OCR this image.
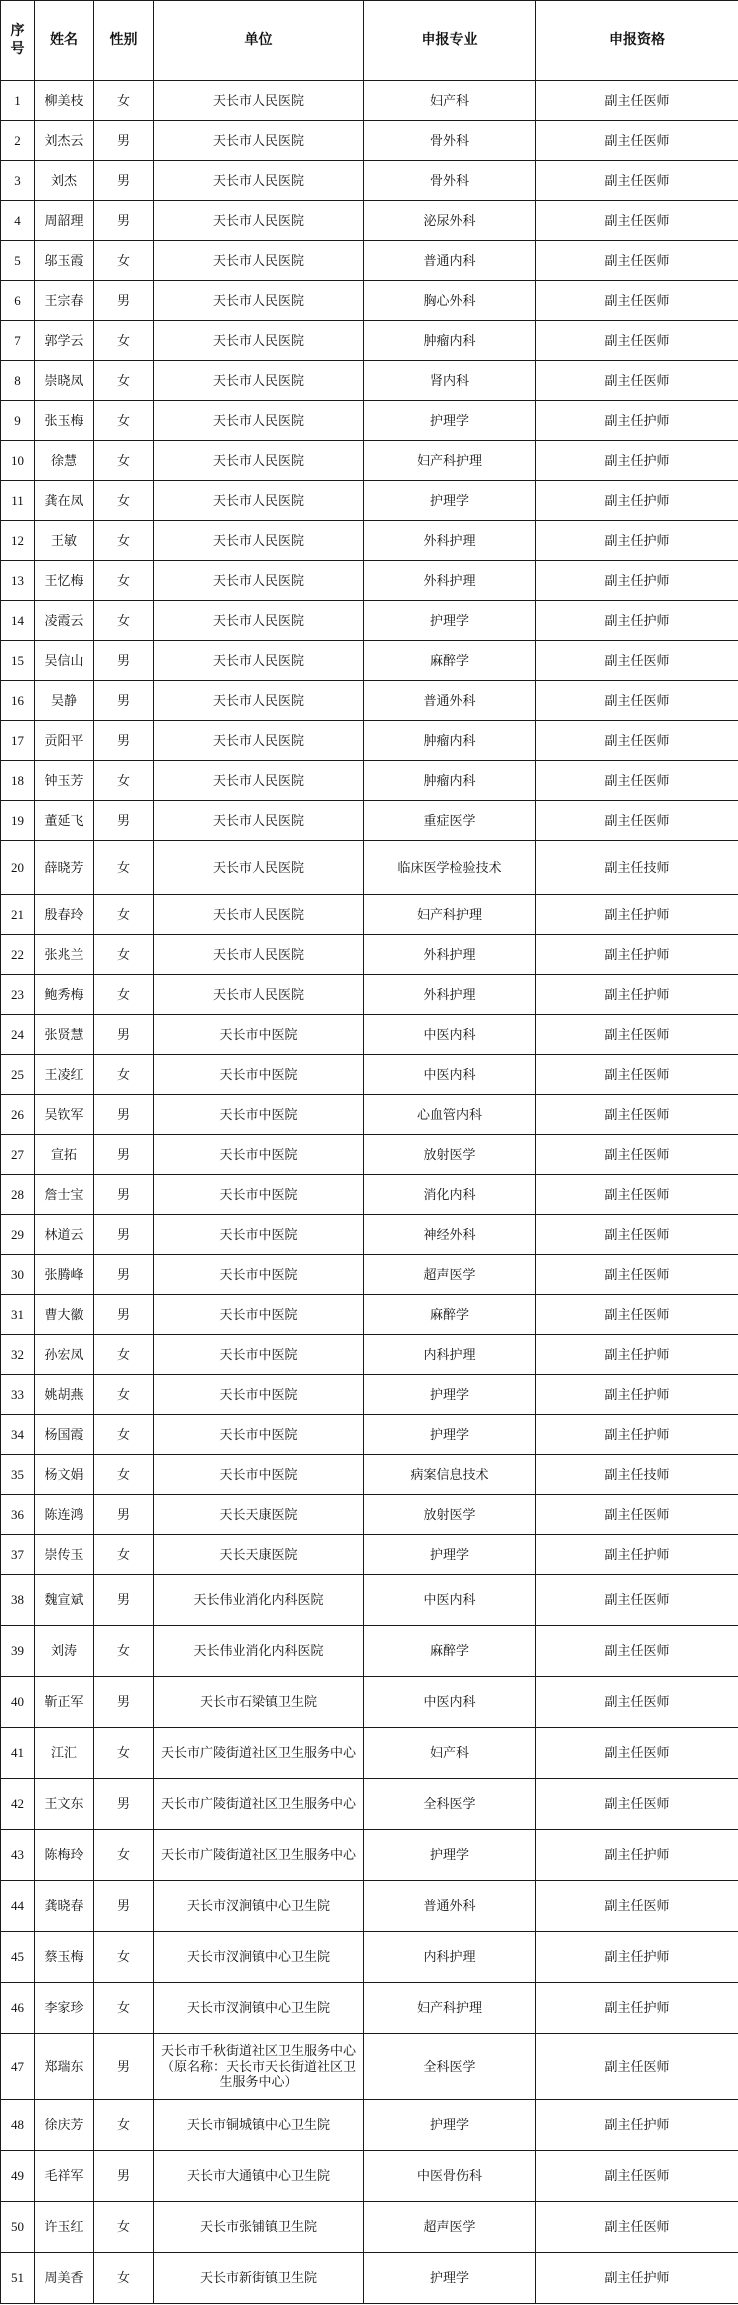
序号	姓名	性别	单位	申报专业	申报资格
1	柳美枝	女	天长市人民医院	妇产科	副主任医师
2	刘杰云	男	天长市人民医院	骨外科	副主任医师
3	刘杰	男	天长市人民医院	骨外科	副主任医师
4	周韶理	男	天长市人民医院	泌尿外科	副主任医师
5	邬玉霞	女	天长市人民医院	普通内科	副主任医师
6	王宗春	男	天长市人民医院	胸心外科	副主任医师
7	郭学云	女	天长市人民医院	肿瘤内科	副主任医师
8	崇晓凤	女	天长市人民医院	肾内科	副主任医师
9	张玉梅	女	天长市人民医院	护理学	副主任护师
10	徐慧	女	天长市人民医院	妇产科护理	副主任护师
11	龚在凤	女	天长市人民医院	护理学	副主任护师
12	王敏	女	天长市人民医院	外科护理	副主任护师
13	王忆梅	女	天长市人民医院	外科护理	副主任护师
14	凌霞云	女	天长市人民医院	护理学	副主任护师
15	吴信山	男	天长市人民医院	麻醉学	副主任医师
16	吴静	男	天长市人民医院	普通外科	副主任医师
17	贡阳平	男	天长市人民医院	肿瘤内科	副主任医师
18	钟玉芳	女	天长市人民医院	肿瘤内科	副主任医师
19	董延飞	男	天长市人民医院	重症医学	副主任医师
20	薛晓芳	女	天长市人民医院	临床医学检验技术	副主任技师
21	殷春玲	女	天长市人民医院	妇产科护理	副主任护师
22	张兆兰	女	天长市人民医院	外科护理	副主任护师
23	鲍秀梅	女	天长市人民医院	外科护理	副主任护师
24	张贤慧	男	天长市中医院	中医内科	副主任医师
25	王凌红	女	天长市中医院	中医内科	副主任医师
26	吴钦军	男	天长市中医院	心血管内科	副主任医师
27	宣拓	男	天长市中医院	放射医学	副主任医师
28	詹士宝	男	天长市中医院	消化内科	副主任医师
29	林道云	男	天长市中医院	神经外科	副主任医师
30	张腾峰	男	天长市中医院	超声医学	副主任医师
31	曹大徽	男	天长市中医院	麻醉学	副主任医师
32	孙宏凤	女	天长市中医院	内科护理	副主任护师
33	姚胡燕	女	天长市中医院	护理学	副主任护师
34	杨国霞	女	天长市中医院	护理学	副主任护师
35	杨文娟	女	天长市中医院	病案信息技术	副主任技师
36	陈连鸿	男	天长天康医院	放射医学	副主任医师
37	崇传玉	女	天长天康医院	护理学	副主任护师
38	魏宣斌	男	天长伟业消化内科医院	中医内科	副主任医师
39	刘涛	女	天长伟业消化内科医院	麻醉学	副主任医师
40	靳正军	男	天长市石梁镇卫生院	中医内科	副主任医师
41	江汇	女	天长市广陵街道社区卫生服务中心	妇产科	副主任医师
42	王文东	男	天长市广陵街道社区卫生服务中心	全科医学	副主任医师
43	陈梅玲	女	天长市广陵街道社区卫生服务中心	护理学	副主任护师
44	龚晓春	男	天长市汊涧镇中心卫生院	普通外科	副主任医师
45	蔡玉梅	女	天长市汊涧镇中心卫生院	内科护理	副主任护师
46	李家珍	女	天长市汊涧镇中心卫生院	妇产科护理	副主任护师
47	郑瑞东	男	天长市千秋街道社区卫生服务中心（原名称：天长市天长街道社区卫生服务中心）	全科医学	副主任医师
48	徐庆芳	女	天长市铜城镇中心卫生院	护理学	副主任护师
49	毛祥军	男	天长市大通镇中心卫生院	中医骨伤科	副主任医师
50	许玉红	女	天长市张铺镇卫生院	超声医学	副主任医师
51	周美香	女	天长市新街镇卫生院	护理学	副主任护师
